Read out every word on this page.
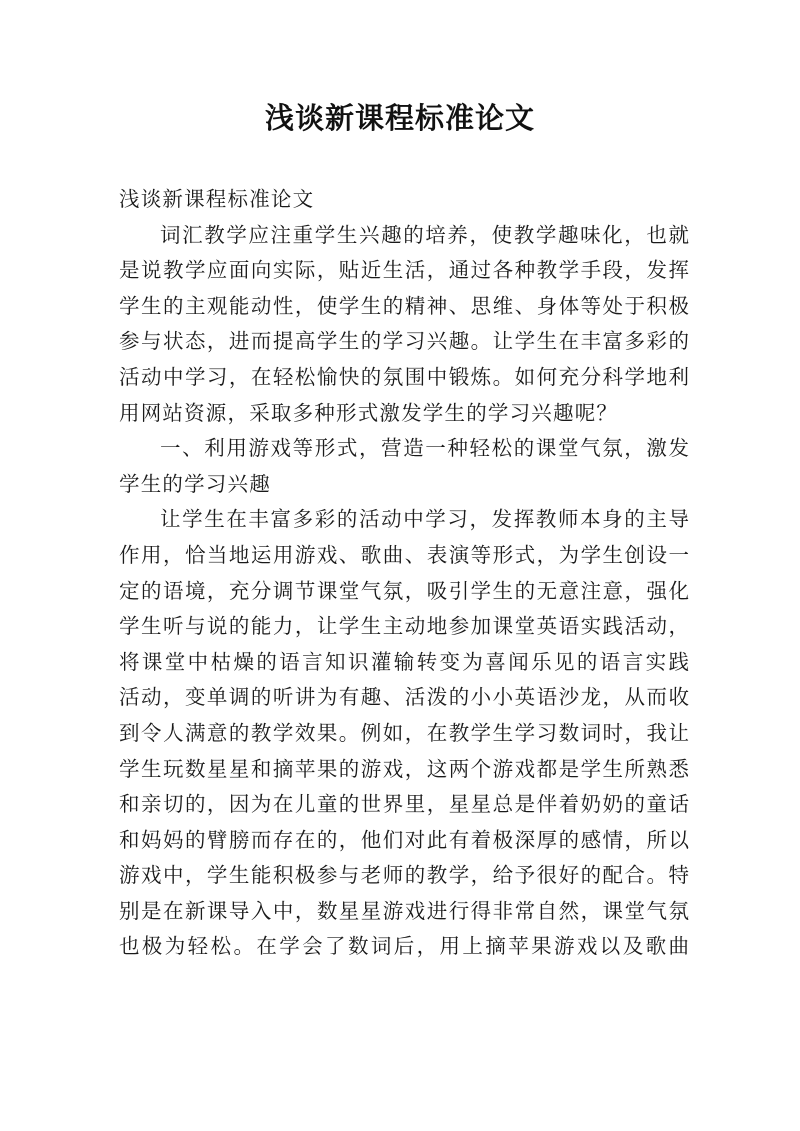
浅谈新课程标准论文
浅谈新课程标准论文
词汇教学应注重学生兴趣的培养，使教学趣味化，也就
是说教学应面向实际，贴近生活，通过各种教学手段，发挥
学生的主观能动性，使学生的精神、思维、身体等处于积极
参与状态，进而提高学生的学习兴趣。让学生在丰富多彩的
活动中学习，在轻松愉快的氛围中锻炼。如何充分科学地利
用网站资源，采取多种形式激发学生的学习兴趣呢？
一、利用游戏等形式，营造一种轻松的课堂气氛，激发
学生的学习兴趣
让学生在丰富多彩的活动中学习，发挥教师本身的主导
作用，恰当地运用游戏、歌曲、表演等形式，为学生创设一
定的语境，充分调节课堂气氛，吸引学生的无意注意，强化
学生听与说的能力，让学生主动地参加课堂英语实践活动，
将课堂中枯燥的语言知识灌输转变为喜闻乐见的语言实践
活动，变单调的听讲为有趣、活泼的小小英语沙龙，从而收
到令人满意的教学效果。例如，在教学生学习数词时，我让
学生玩数星星和摘苹果的游戏，这两个游戏都是学生所熟悉
和亲切的，因为在儿童的世界里，星星总是伴着奶奶的童话
和妈妈的臂膀而存在的，他们对此有着极深厚的感情，所以
游戏中，学生能积极参与老师的教学，给予很好的配合。特
别是在新课导入中，数星星游戏进行得非常自然，课堂气氛
也极为轻松。在学会了数词后，用上摘苹果游戏以及歌曲
